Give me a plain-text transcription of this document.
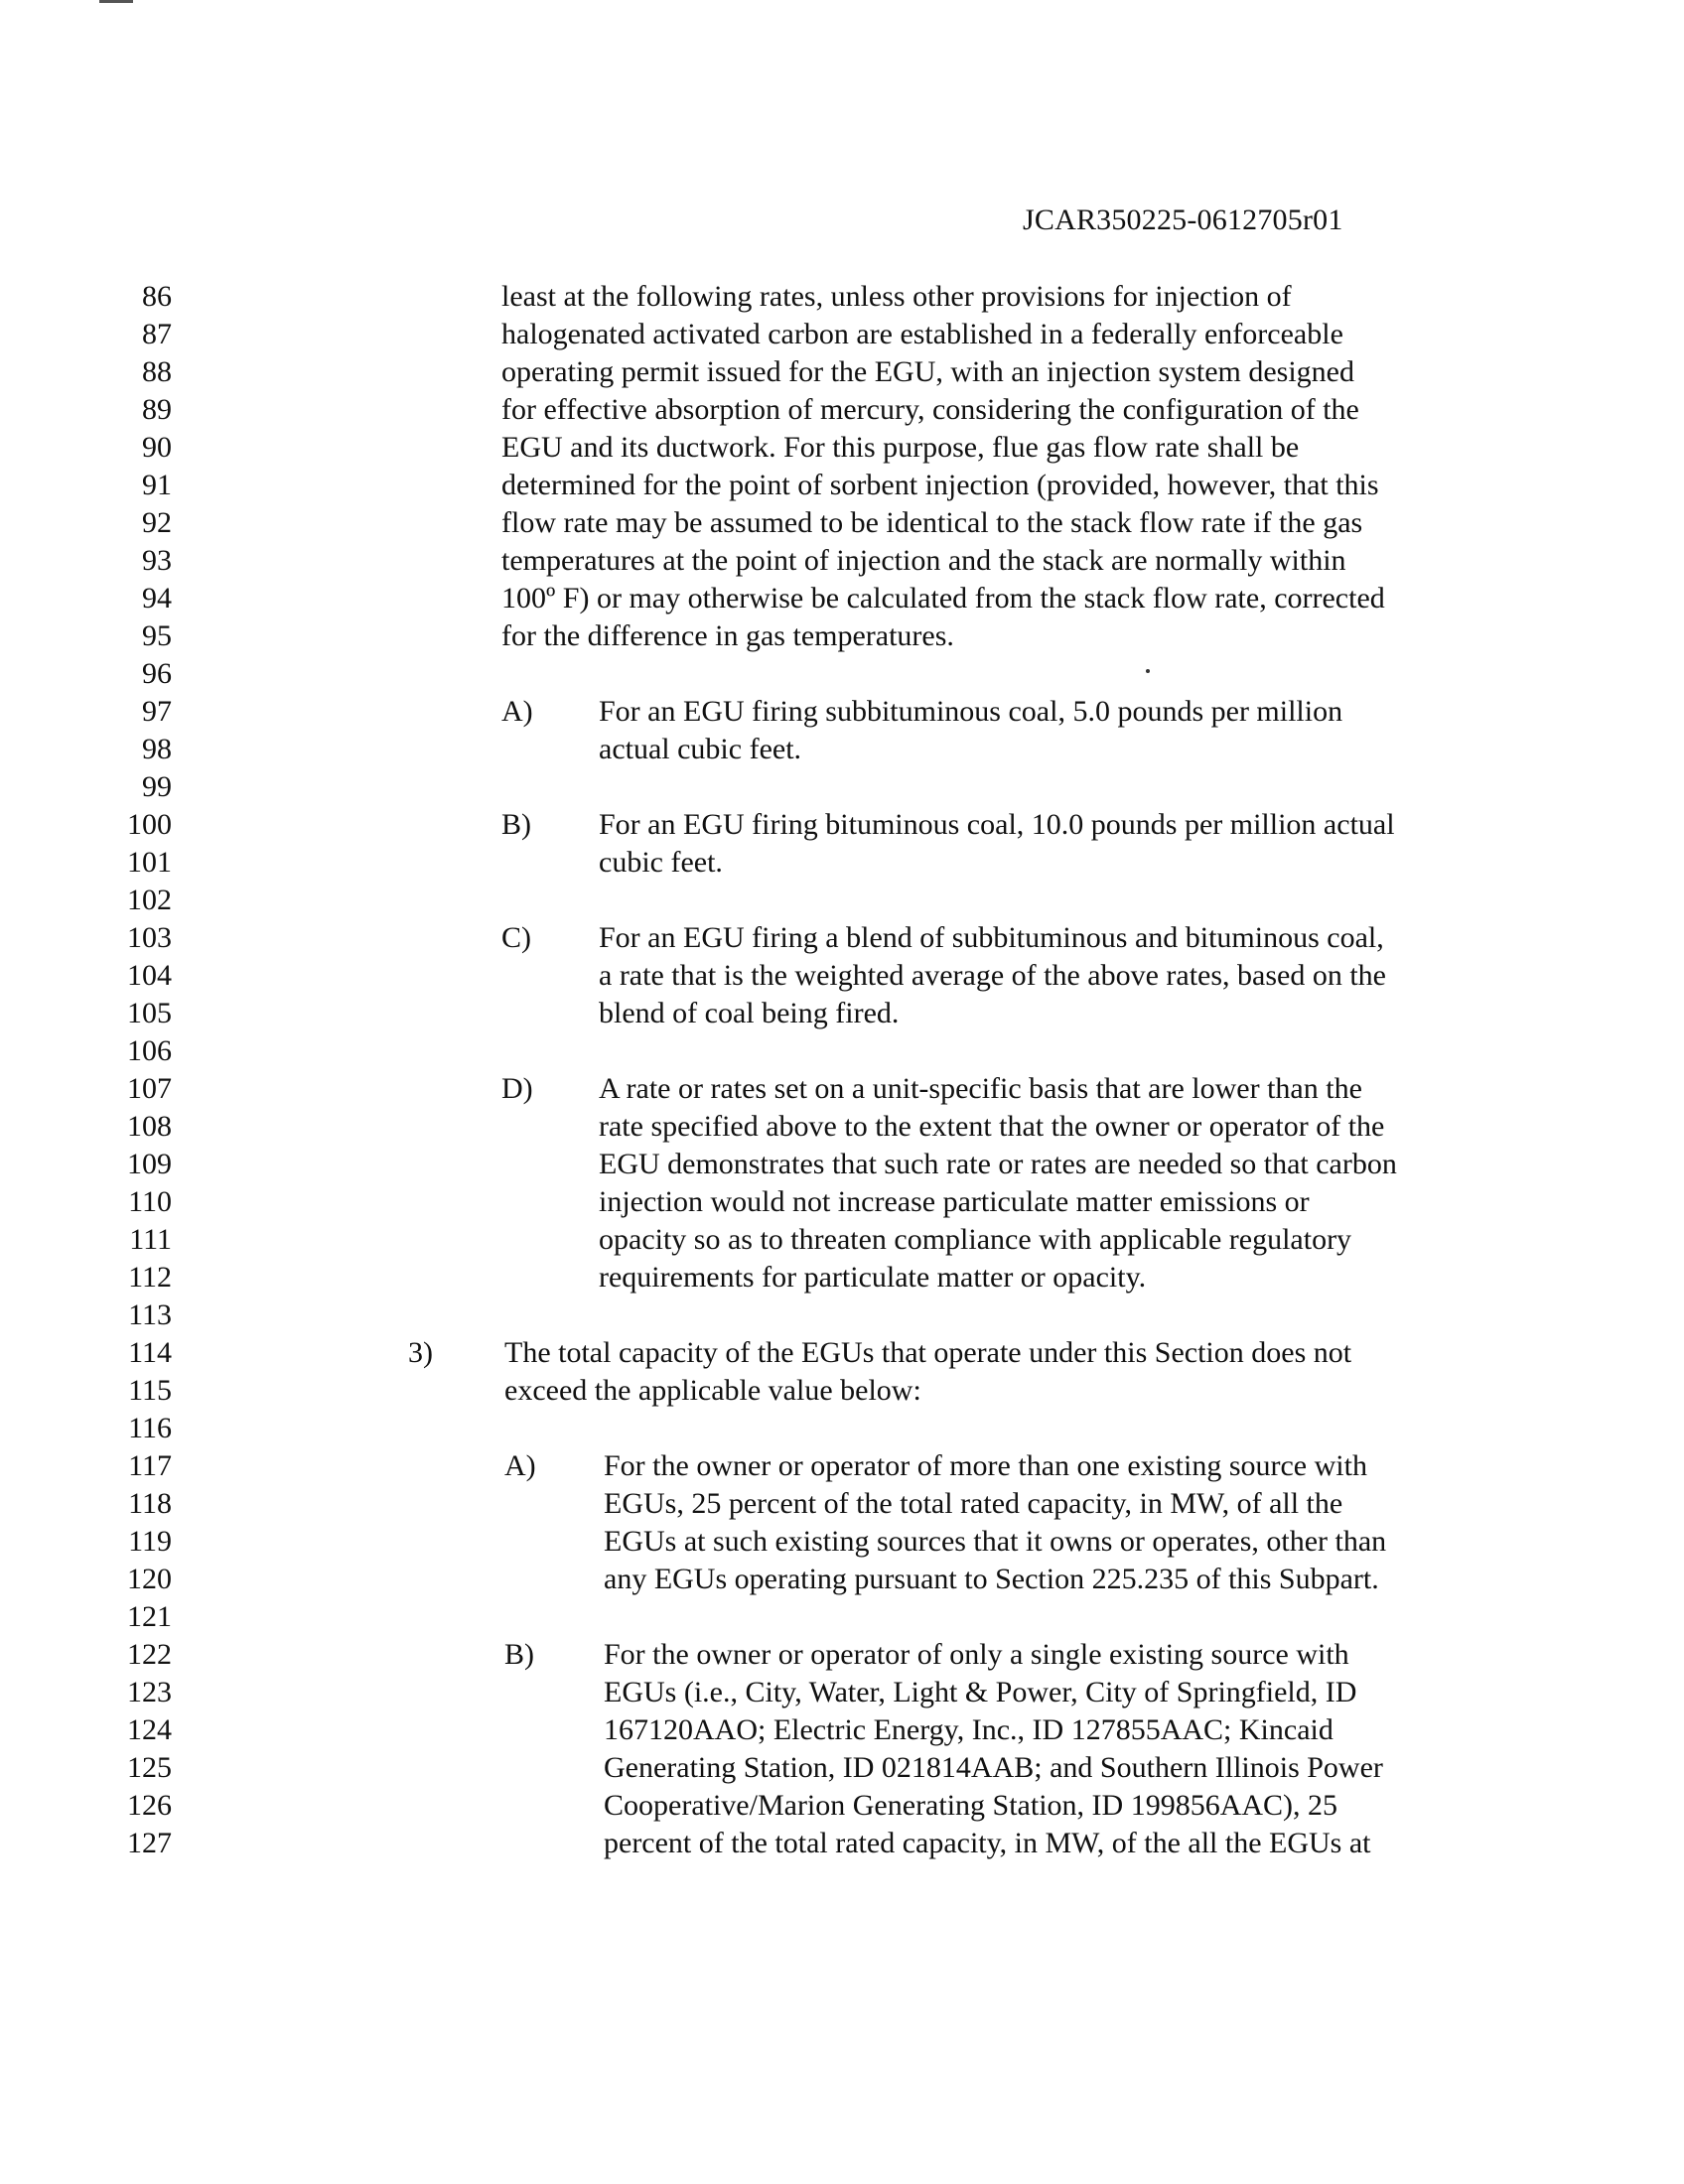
JCAR350225-0612705r01
86
87
88
89
90
91
92
93
94
95
96
97
98
99
100
101
102
103
104
105
106
107
108
109
110
111
112
113
114
115
116
117
118
119
120
121
122
123
124
125
126
127
least at the following rates, unless other provisions for injection of
halogenated activated carbon are established in a federally enforceable
operating permit issued for the EGU, with an injection system designed
for effective absorption of mercury, considering the configuration of the
EGU and its ductwork. For this purpose, flue gas flow rate shall be
determined for the point of sorbent injection (provided, however, that this
flow rate may be assumed to be identical to the stack flow rate if the gas
temperatures at the point of injection and the stack are normally within
100º F) or may otherwise be calculated from the stack flow rate, corrected
for the difference in gas temperatures.
A) For an EGU firing subbituminous coal, 5.0 pounds per million
actual cubic feet.
B) For an EGU firing bituminous coal, 10.0 pounds per million actual
cubic feet.
C) For an EGU firing a blend of subbituminous and bituminous coal,
a rate that is the weighted average of the above rates, based on the
blend of coal being fired.
D) A rate or rates set on a unit-specific basis that are lower than the
rate specified above to the extent that the owner or operator of the
EGU demonstrates that such rate or rates are needed so that carbon
injection would not increase particulate matter emissions or
opacity so as to threaten compliance with applicable regulatory
requirements for particulate matter or opacity.
3) The total capacity of the EGUs that operate under this Section does not
exceed the applicable value below:
A) For the owner or operator of more than one existing source with
EGUs, 25 percent of the total rated capacity, in MW, of all the
EGUs at such existing sources that it owns or operates, other than
any EGUs operating pursuant to Section 225.235 of this Subpart.
B) For the owner or operator of only a single existing source with
EGUs (i.e., City, Water, Light & Power, City of Springfield, ID
167120AAO; Electric Energy, Inc., ID 127855AAC; Kincaid
Generating Station, ID 021814AAB; and Southern Illinois Power
Cooperative/Marion Generating Station, ID 199856AAC), 25
percent of the total rated capacity, in MW, of the all the EGUs at
